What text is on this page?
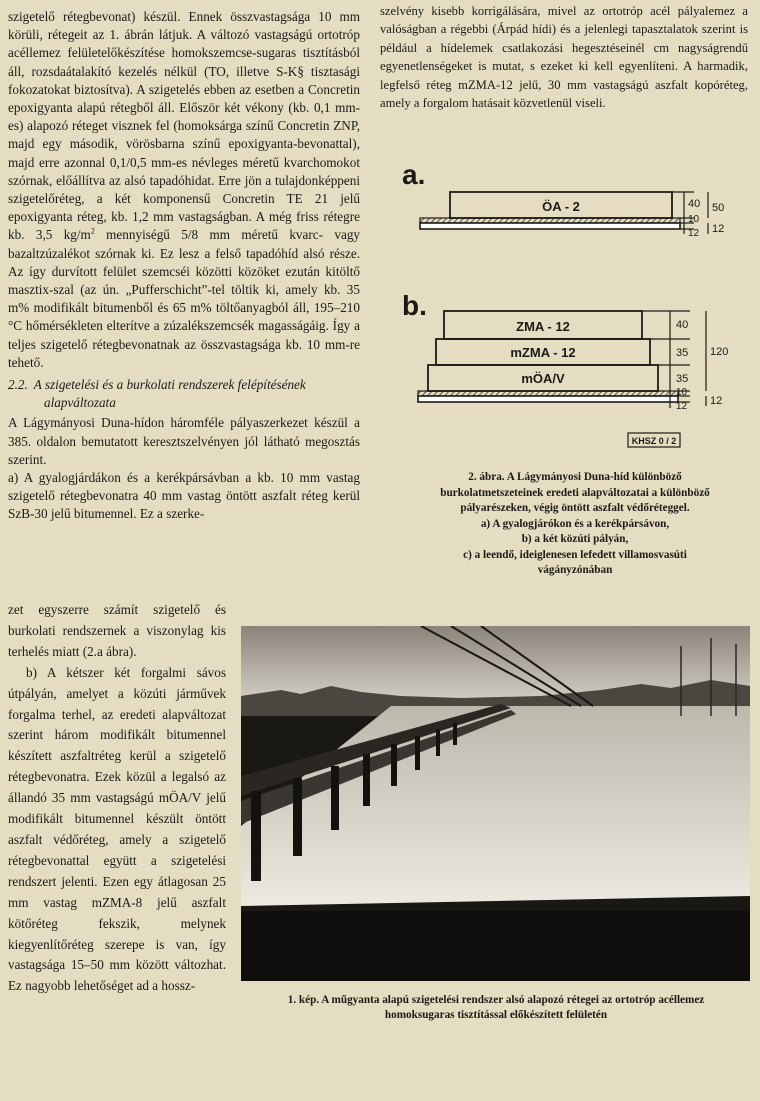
szigetelő rétegbevonat) készül. Ennek összvastagsága 10 mm körüli, rétegeit az 1. ábrán látjuk. A változó vastagságú ortotróp acéllemez felületelőkészítése homokszemcse-sugaras tisztításból áll, rozsdaátalakító kezelés nélkül (TO, illetve S-K§ tisztasági fokozatokat biztosítva). A szigetelés ebben az esetben a Concretin epoxigyanta alapú rétegből áll. Először két vékony (kb. 0,1 mm-es) alapozó réteget visznek fel (homoksárga színű Concretin ZNP, majd egy második, vörösbarna színű epoxigyanta-bevonattal), majd erre azonnal 0,1/0,5 mm-es névleges méretű kvarchomokot szórnak, előállítva az alsó tapadóhidat. Erre jön a tulajdonképpeni szigetelőréteg, a két komponensű Concretin TE 21 jelű epoxigyanta réteg, kb. 1,2 mm vastagságban. A még friss rétegre kb. 3,5 $kg/m^2$ mennyiségű 5/8 mm méretű kvarc- vagy bazaltzúzalékot szórnak ki. Ez lesz a felső tapadóhíd alsó része. Az így durvított felület szemcséi közötti közöket ezután kitöltő masztix-szal (az ún. „Pufferschicht”-tel töltik ki, amely kb. 35 m% modifikált bitumenből és 65 m% töltőanyagból áll, 195–210 °C hőmérsékleten elterítve a zúzalékszemcsék magasságáig. Így a teljes szigetelő rétegbevonatnak az összvastagsága kb. 10 mm-re tehető.

2.2. A szigetelési és a burkolati rendszerek felépítésének
alapváltozata

A Lágymányosi Duna-hídon háromféle pályaszerkezet készül a 385. oldalon bemutatott keresztszelvényen jól látható megosztás szerint.

a) A gyalogjárdákon és a kerékpársávban a kb. 10 mm vastag szigetelő rétegbevonatra 40 mm vastag öntött aszfalt réteg kerül SzB-30 jelű bitumennel. Ez a szerke-

zet egyszerre számít szigetelő és burkolati rendszernek a viszonylag kis terhelés miatt (2.a ábra).

b) A kétszer két forgalmi sávos útpályán, amelyet a közúti járművek forgalma terhel, az eredeti alapváltozat szerint három modifikált bitumennel készített aszfaltréteg kerül a szigetelő rétegbevonatra. Ezek közül a legalsó az állandó 35 mm vastagságú mÖA/V jelű modifikált bitumennel készült öntött aszfalt védőréteg, amely a szigetelő rétegbevonattal együtt a szigetelési rendszert jelenti. Ezen egy átlagosan 25 mm vastag mZMA-8 jelű aszfalt kötőréteg fekszik, melynek kiegyenlítőréteg szerepe is van, így vastagsága 15–50 mm között változhat. Ez nagyobb lehetőséget ad a hossz-

szelvény kisebb korrigálására, mivel az ortotróp acél pályalemez a valóságban a régebbi (Árpád hídi) és a jelenlegi tapasztalatok szerint is például a hídelemek csatlakozási hegesztéseinél cm nagyságrendű egyenetlenségeket is mutat, s ezeket ki kell egyenlíteni. A harmadik, legfelső réteg mZMA-12 jelű, 30 mm vastagságú aszfalt kopóréteg, amely a forgalom hatásait közvetlenül viseli.

a.
ÖA - 2	40
10
12
50
12
b.
ZMA - 12
mZMA - 12
mÖA/V
40
35
35
10
12
120
12
KHSZ 0 / 2
2. ábra. A Lágymányosi Duna-híd különböző
burkolatmetszeteinek eredeti alapváltozatai a különböző
pályarészeken, végig öntött aszfalt védőréteggel.
a) A gyalogjárókon és a kerékpársávon,
b) a két közúti pályán,
c) a leendő, ideiglenesen lefedett villamosvasúti
vágányzónában
1. kép. A műgyanta alapú szigetelési rendszer alsó alapozó rétegei az ortotróp acéllemez
homoksugaras tisztítással előkészített felületén
